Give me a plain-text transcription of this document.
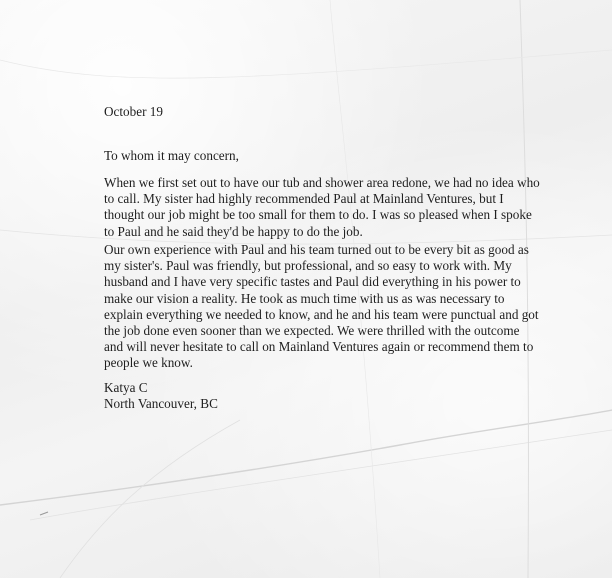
October 19

To whom it may concern,

When we first set out to have our tub and shower area redone, we had no idea who
to call. My sister had highly recommended Paul at Mainland Ventures, but I
thought our job might be too small for them to do. I was so pleased when I spoke
to Paul and he said they'd be happy to do the job.

Our own experience with Paul and his team turned out to be every bit as good as
my sister's. Paul was friendly, but professional, and so easy to work with. My
husband and I have very specific tastes and Paul did everything in his power to
make our vision a reality. He took as much time with us as was necessary to
explain everything we needed to know, and he and his team were punctual and got
the job done even sooner than we expected. We were thrilled with the outcome
and will never hesitate to call on Mainland Ventures again or recommend them to
people we know.

Katya C
North Vancouver, BC
